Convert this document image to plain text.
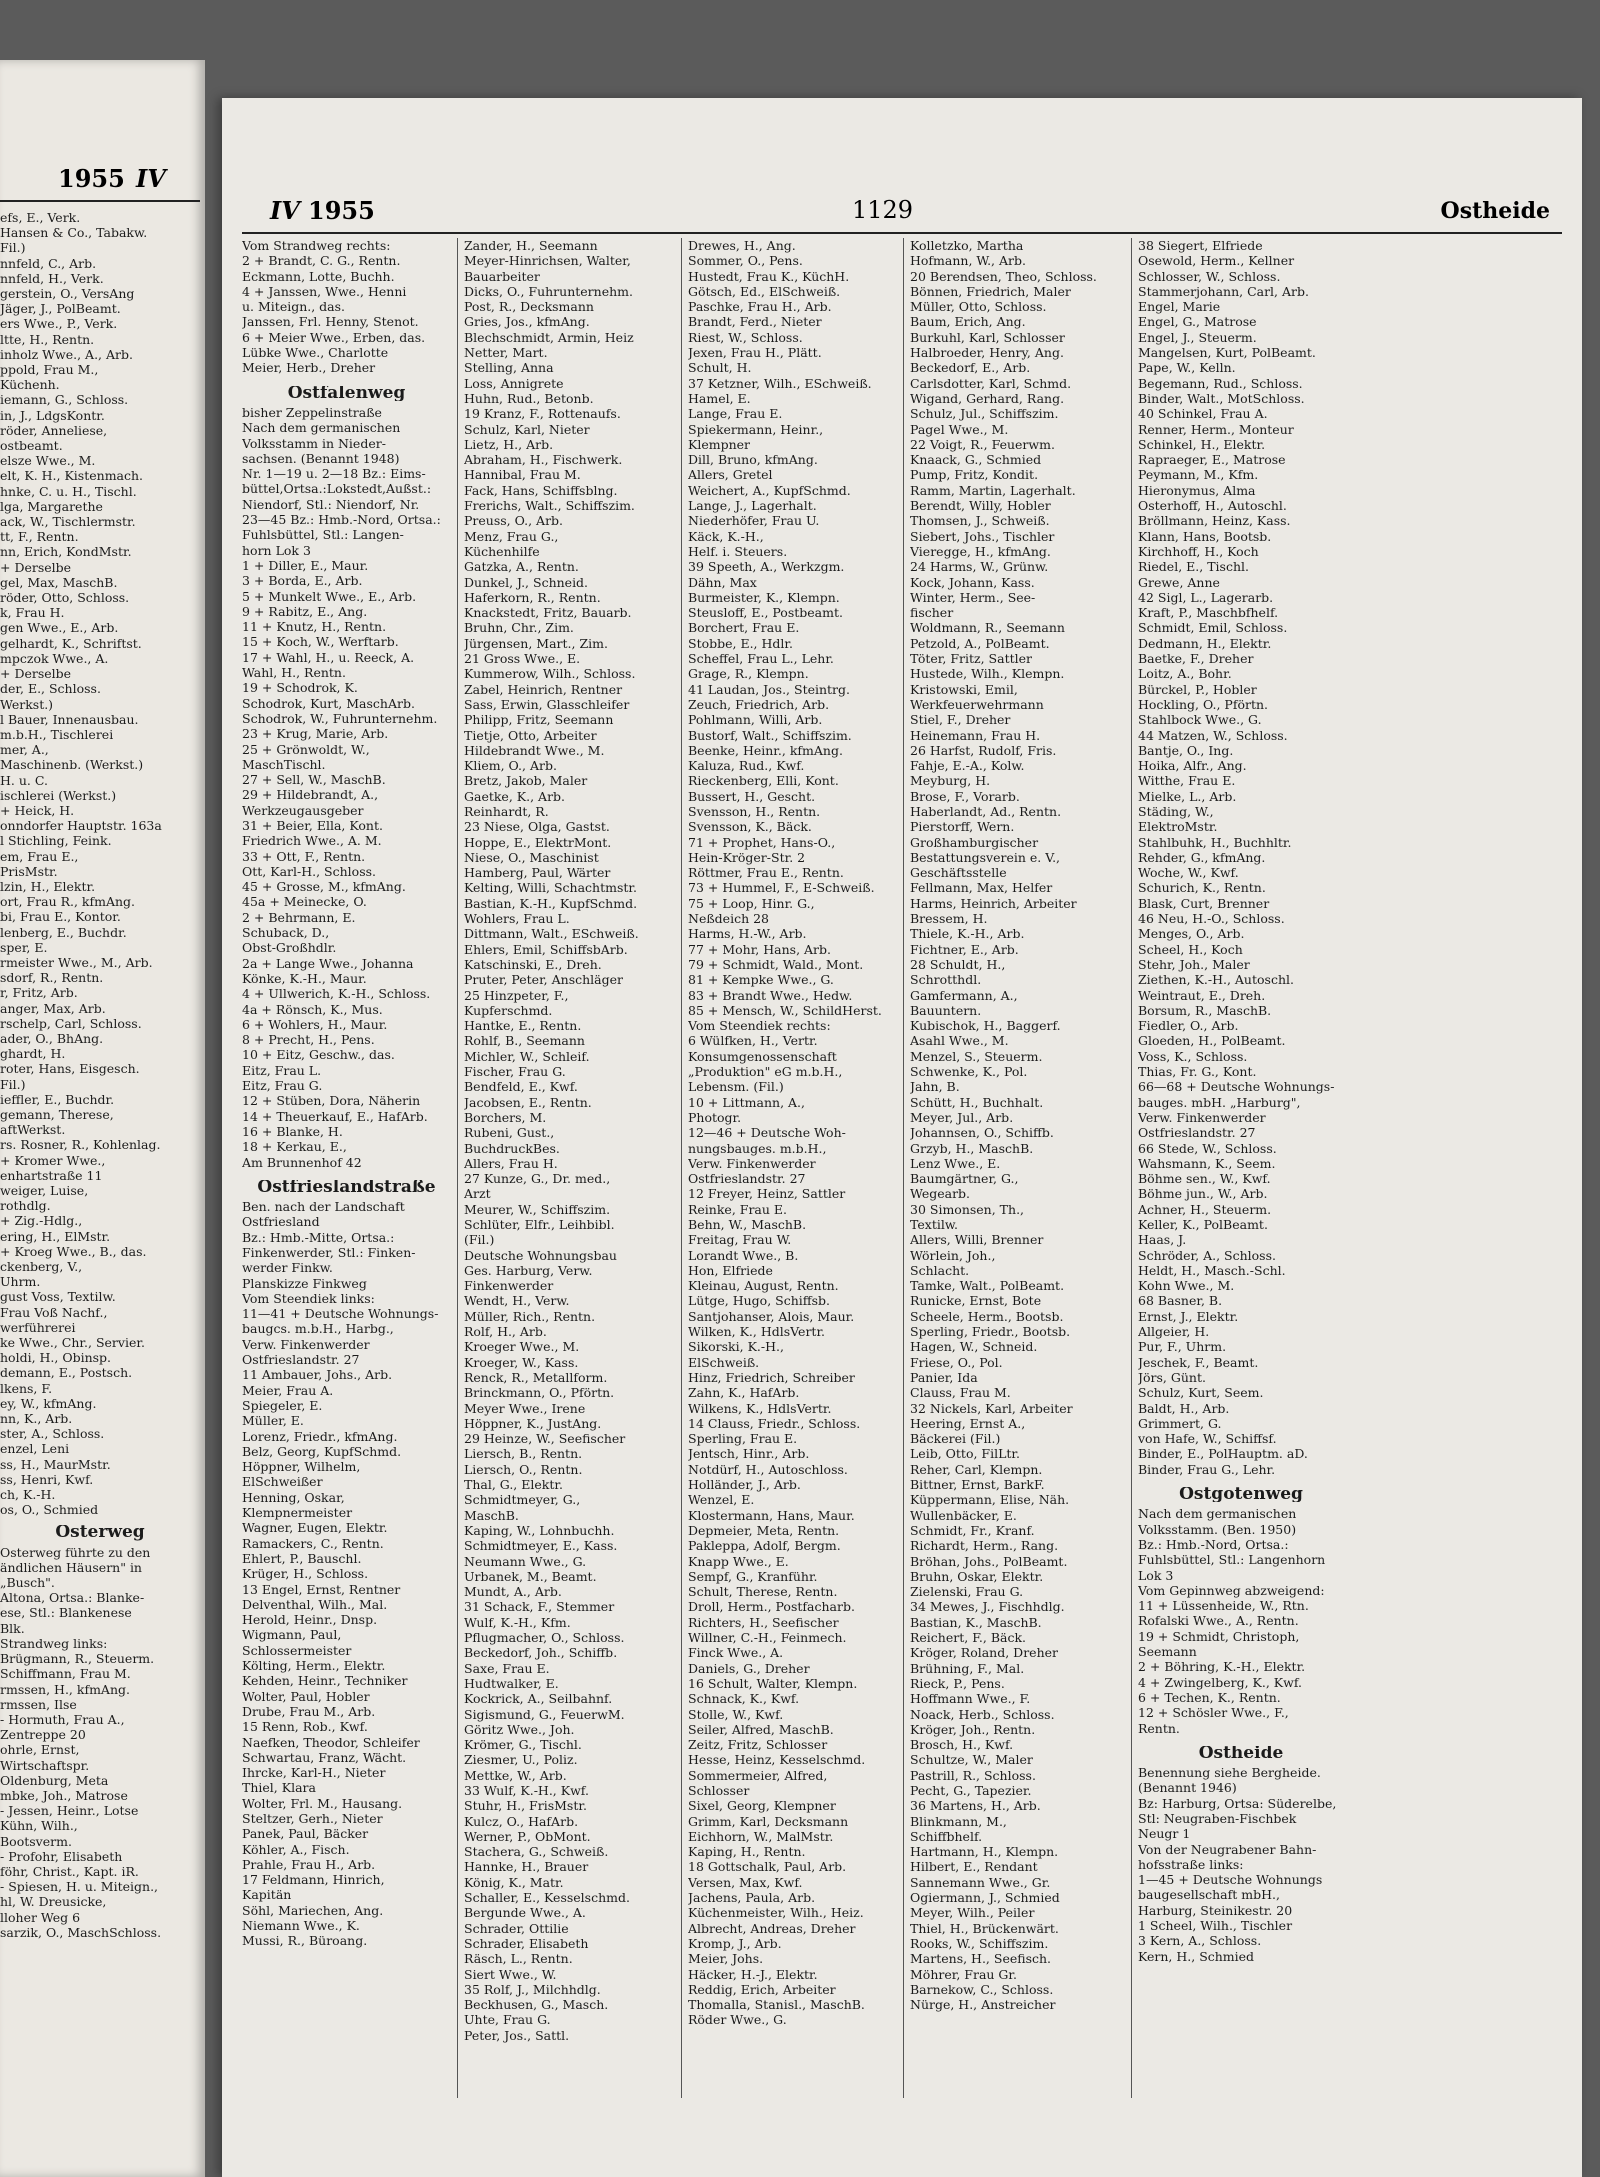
1955 IV
efs, E., Verk.
Hansen & Co., Tabakw.
Fil.)
nnfeld, C., Arb.
nnfeld, H., Verk.
gerstein, O., VersAng
Jäger, J., PolBeamt.
ers Wwe., P., Verk.
ltte, H., Rentn.
inholz Wwe., A., Arb.
ppold, Frau M.,
Küchenh.
iemann, G., Schloss.
in, J., LdgsKontr.
röder, Anneliese,
ostbeamt.
elsze Wwe., M.
elt, K. H., Kistenmach.
hnke, C. u. H., Tischl.
lga, Margarethe
ack, W., Tischlermstr.
tt, F., Rentn.
nn, Erich, KondMstr.
+ Derselbe
gel, Max, MaschB.
röder, Otto, Schloss.
k, Frau H.
gen Wwe., E., Arb.
gelhardt, K., Schriftst.
mpczok Wwe., A.
+ Derselbe
der, E., Schloss.
Werkst.)
l Bauer, Innenausbau.
m.b.H., Tischlerei
mer, A.,
Maschinenb. (Werkst.)
H. u. C.
ischlerei (Werkst.)
+ Heick, H.
onndorfer Hauptstr. 163a
l Stichling, Feink.
em, Frau E.,
PrisMstr.
lzin, H., Elektr.
ort, Frau R., kfmAng.
bi, Frau E., Kontor.
lenberg, E., Buchdr.
sper, E.
rmeister Wwe., M., Arb.
sdorf, R., Rentn.
r, Fritz, Arb.
anger, Max, Arb.
rschelp, Carl, Schloss.
ader, O., BhAng.
ghardt, H.
roter, Hans, Eisgesch.
Fil.)
ieffler, E., Buchdr.
gemann, Therese,
aftWerkst.
rs. Rosner, R., Kohlenlag.
+ Kromer Wwe.,
enhartstraße 11
weiger, Luise,
rothdlg.
+ Zig.-Hdlg.,
ering, H., ElMstr.
+ Kroeg Wwe., B., das.
ckenberg, V.,
Uhrm.
gust Voss, Textilw.
Frau Voß Nachf.,
werführerei
ke Wwe., Chr., Servier.
holdi, H., Obinsp.
demann, E., Postsch.
lkens, F.
ey, W., kfmAng.
nn, K., Arb.
ster, A., Schloss.
enzel, Leni
ss, H., MaurMstr.
ss, Henri, Kwf.
ch, K.-H.
os, O., Schmied
Osterweg
Osterweg führte zu den
ändlichen Häusern" in
„Busch".
Altona, Ortsa.: Blanke-
ese, Stl.: Blankenese
Blk.
Strandweg links:
Brügmann, R., Steuerm.
Schiffmann, Frau M.
rmssen, H., kfmAng.
rmssen, Ilse
- Hormuth, Frau A.,
Zentreppe 20
ohrle, Ernst,
Wirtschaftspr.
Oldenburg, Meta
mbke, Joh., Matrose
- Jessen, Heinr., Lotse
Kühn, Wilh.,
Bootsverm.
- Profohr, Elisabeth
föhr, Christ., Kapt. iR.
- Spiesen, H. u. Miteign.,
hl, W. Dreusicke,
lloher Weg 6
sarzik, O., MaschSchloss.
IV 1955	1129	Ostheide
Vom Strandweg rechts:
2 + Brandt, C. G., Rentn.
Eckmann, Lotte, Buchh.
4 + Janssen, Wwe., Henni
u. Miteign., das.
Janssen, Frl. Henny, Stenot.
6 + Meier Wwe., Erben, das.
Lübke Wwe., Charlotte
Meier, Herb., Dreher
Ostfalenweg
bisher Zeppelinstraße
Nach dem germanischen
Volksstamm in Nieder-
sachsen. (Benannt 1948)
Nr. 1—19 u. 2—18 Bz.: Eims-
büttel,Ortsa.:Lokstedt,Außst.:
Niendorf, Stl.: Niendorf, Nr.
23—45 Bz.: Hmb.-Nord, Ortsa.:
Fuhlsbüttel, Stl.: Langen-
horn Lok 3
1 + Diller, E., Maur.
3 + Borda, E., Arb.
5 + Munkelt Wwe., E., Arb.
9 + Rabitz, E., Ang.
11 + Knutz, H., Rentn.
15 + Koch, W., Werftarb.
17 + Wahl, H., u. Reeck, A.
Wahl, H., Rentn.
19 + Schodrok, K.
Schodrok, Kurt, MaschArb.
Schodrok, W., Fuhrunternehm.
23 + Krug, Marie, Arb.
25 + Grönwoldt, W.,
MaschTischl.
27 + Sell, W., MaschB.
29 + Hildebrandt, A.,
Werkzeugausgeber
31 + Beier, Ella, Kont.
Friedrich Wwe., A. M.
33 + Ott, F., Rentn.
Ott, Karl-H., Schloss.
45 + Grosse, M., kfmAng.
45a + Meinecke, O.
2 + Behrmann, E.
Schuback, D.,
Obst-Großhdlr.
2a + Lange Wwe., Johanna
Könke, K.-H., Maur.
4 + Ullwerich, K.-H., Schloss.
4a + Rönsch, K., Mus.
6 + Wohlers, H., Maur.
8 + Precht, H., Pens.
10 + Eitz, Geschw., das.
Eitz, Frau L.
Eitz, Frau G.
12 + Stüben, Dora, Näherin
14 + Theuerkauf, E., HafArb.
16 + Blanke, H.
18 + Kerkau, E.,
Am Brunnenhof 42
Ostfrieslandstraße
Ben. nach der Landschaft
Ostfriesland
Bz.: Hmb.-Mitte, Ortsa.:
Finkenwerder, Stl.: Finken-
werder Finkw.
Planskizze Finkweg
Vom Steendiek links:
11—41 + Deutsche Wohnungs-
baugcs. m.b.H., Harbg.,
Verw. Finkenwerder
Ostfrieslandstr. 27
11 Ambauer, Johs., Arb.
Meier, Frau A.
Spiegeler, E.
Müller, E.
Lorenz, Friedr., kfmAng.
Belz, Georg, KupfSchmd.
Höppner, Wilhelm,
ElSchweißer
Henning, Oskar,
Klempnermeister
Wagner, Eugen, Elektr.
Ramackers, C., Rentn.
Ehlert, P., Bauschl.
Krüger, H., Schloss.
13 Engel, Ernst, Rentner
Delventhal, Wilh., Mal.
Herold, Heinr., Dnsp.
Wigmann, Paul,
Schlossermeister
Költing, Herm., Elektr.
Kehden, Heinr., Techniker
Wolter, Paul, Hobler
Drube, Frau M., Arb.
15 Renn, Rob., Kwf.
Naefken, Theodor, Schleifer
Schwartau, Franz, Wächt.
Ihrcke, Karl-H., Nieter
Thiel, Klara
Wolter, Frl. M., Hausang.
Steltzer, Gerh., Nieter
Panek, Paul, Bäcker
Köhler, A., Fisch.
Prahle, Frau H., Arb.
17 Feldmann, Hinrich,
Kapitän
Söhl, Mariechen, Ang.
Niemann Wwe., K.
Mussi, R., Büroang.
Zander, H., Seemann
Meyer-Hinrichsen, Walter,
Bauarbeiter
Dicks, O., Fuhrunternehm.
Post, R., Decksmann
Gries, Jos., kfmAng.
Blechschmidt, Armin, Heiz
Netter, Mart.
Stelling, Anna
Loss, Annigrete
Huhn, Rud., Betonb.
19 Kranz, F., Rottenaufs.
Schulz, Karl, Nieter
Lietz, H., Arb.
Abraham, H., Fischwerk.
Hannibal, Frau M.
Fack, Hans, Schiffsblng.
Frerichs, Walt., Schiffszim.
Preuss, O., Arb.
Menz, Frau G.,
Küchenhilfe
Gatzka, A., Rentn.
Dunkel, J., Schneid.
Haferkorn, R., Rentn.
Knackstedt, Fritz, Bauarb.
Bruhn, Chr., Zim.
Jürgensen, Mart., Zim.
21 Gross Wwe., E.
Kummerow, Wilh., Schloss.
Zabel, Heinrich, Rentner
Sass, Erwin, Glasschleifer
Philipp, Fritz, Seemann
Tietje, Otto, Arbeiter
Hildebrandt Wwe., M.
Kliem, O., Arb.
Bretz, Jakob, Maler
Gaetke, K., Arb.
Reinhardt, R.
23 Niese, Olga, Gastst.
Hoppe, E., ElektrMont.
Niese, O., Maschinist
Hamberg, Paul, Wärter
Kelting, Willi, Schachtmstr.
Bastian, K.-H., KupfSchmd.
Wohlers, Frau L.
Dittmann, Walt., ESchweiß.
Ehlers, Emil, SchiffsbArb.
Katschinski, E., Dreh.
Pruter, Peter, Anschläger
25 Hinzpeter, F.,
Kupferschmd.
Hantke, E., Rentn.
Rohlf, B., Seemann
Michler, W., Schleif.
Fischer, Frau G.
Bendfeld, E., Kwf.
Jacobsen, E., Rentn.
Borchers, M.
Rubeni, Gust.,
BuchdruckBes.
Allers, Frau H.
27 Kunze, G., Dr. med.,
Arzt
Meurer, W., Schiffszim.
Schlüter, Elfr., Leihbibl.
(Fil.)
Deutsche Wohnungsbau
Ges. Harburg, Verw.
Finkenwerder
Wendt, H., Verw.
Müller, Rich., Rentn.
Rolf, H., Arb.
Kroeger Wwe., M.
Kroeger, W., Kass.
Renck, R., Metallform.
Brinckmann, O., Pförtn.
Meyer Wwe., Irene
Höppner, K., JustAng.
29 Heinze, W., Seefischer
Liersch, B., Rentn.
Liersch, O., Rentn.
Thal, G., Elektr.
Schmidtmeyer, G.,
MaschB.
Kaping, W., Lohnbuchh.
Schmidtmeyer, E., Kass.
Neumann Wwe., G.
Urbanek, M., Beamt.
Mundt, A., Arb.
31 Schack, F., Stemmer
Wulf, K.-H., Kfm.
Pflugmacher, O., Schloss.
Beckedorf, Joh., Schiffb.
Saxe, Frau E.
Hudtwalker, E.
Kockrick, A., Seilbahnf.
Sigismund, G., FeuerwM.
Göritz Wwe., Joh.
Krömer, G., Tischl.
Ziesmer, U., Poliz.
Mettke, W., Arb.
33 Wulf, K.-H., Kwf.
Stuhr, H., FrisMstr.
Kulcz, O., HafArb.
Werner, P., ObMont.
Stachera, G., Schweiß.
Hannke, H., Brauer
König, K., Matr.
Schaller, E., Kesselschmd.
Bergunde Wwe., A.
Schrader, Ottilie
Schrader, Elisabeth
Räsch, L., Rentn.
Siert Wwe., W.
35 Rolf, J., Milchhdlg.
Beckhusen, G., Masch.
Uhte, Frau G.
Peter, Jos., Sattl.
Drewes, H., Ang.
Sommer, O., Pens.
Hustedt, Frau K., KüchH.
Götsch, Ed., ElSchweiß.
Paschke, Frau H., Arb.
Brandt, Ferd., Nieter
Riest, W., Schloss.
Jexen, Frau H., Plätt.
Schult, H.
37 Ketzner, Wilh., ESchweiß.
Hamel, E.
Lange, Frau E.
Spiekermann, Heinr.,
Klempner
Dill, Bruno, kfmAng.
Allers, Gretel
Weichert, A., KupfSchmd.
Lange, J., Lagerhalt.
Niederhöfer, Frau U.
Käck, K.-H.,
Helf. i. Steuers.
39 Speeth, A., Werkzgm.
Dähn, Max
Burmeister, K., Klempn.
Steusloff, E., Postbeamt.
Borchert, Frau E.
Stobbe, E., Hdlr.
Scheffel, Frau L., Lehr.
Grage, R., Klempn.
41 Laudan, Jos., Steintrg.
Zeuch, Friedrich, Arb.
Pohlmann, Willi, Arb.
Bustorf, Walt., Schiffszim.
Beenke, Heinr., kfmAng.
Kaluza, Rud., Kwf.
Rieckenberg, Elli, Kont.
Bussert, H., Gescht.
Svensson, H., Rentn.
Svensson, K., Bäck.
71 + Prophet, Hans-O.,
Hein-Kröger-Str. 2
Röttmer, Frau E., Rentn.
73 + Hummel, F., E-Schweiß.
75 + Loop, Hinr. G.,
Neßdeich 28
Harms, H.-W., Arb.
77 + Mohr, Hans, Arb.
79 + Schmidt, Wald., Mont.
81 + Kempke Wwe., G.
83 + Brandt Wwe., Hedw.
85 + Mensch, W., SchildHerst.
Vom Steendiek rechts:
6 Wülfken, H., Vertr.
Konsumgenossenschaft
„Produktion" eG m.b.H.,
Lebensm. (Fil.)
10 + Littmann, A.,
Photogr.
12—46 + Deutsche Woh-
nungsbauges. m.b.H.,
Verw. Finkenwerder
Ostfrieslandstr. 27
12 Freyer, Heinz, Sattler
Reinke, Frau E.
Behn, W., MaschB.
Freitag, Frau W.
Lorandt Wwe., B.
Hon, Elfriede
Kleinau, August, Rentn.
Lütge, Hugo, Schiffsb.
Santjohanser, Alois, Maur.
Wilken, K., HdlsVertr.
Sikorski, K.-H.,
ElSchweiß.
Hinz, Friedrich, Schreiber
Zahn, K., HafArb.
Wilkens, K., HdlsVertr.
14 Clauss, Friedr., Schloss.
Sperling, Frau E.
Jentsch, Hinr., Arb.
Notdürf, H., Autoschloss.
Holländer, J., Arb.
Wenzel, E.
Klostermann, Hans, Maur.
Depmeier, Meta, Rentn.
Pakleppa, Adolf, Bergm.
Knapp Wwe., E.
Sempf, G., Kranführ.
Schult, Therese, Rentn.
Droll, Herm., Postfacharb.
Richters, H., Seefischer
Willner, C.-H., Feinmech.
Finck Wwe., A.
Daniels, G., Dreher
16 Schult, Walter, Klempn.
Schnack, K., Kwf.
Stolle, W., Kwf.
Seiler, Alfred, MaschB.
Zeitz, Fritz, Schlosser
Hesse, Heinz, Kesselschmd.
Sommermeier, Alfred,
Schlosser
Sixel, Georg, Klempner
Grimm, Karl, Decksmann
Eichhorn, W., MalMstr.
Kaping, H., Rentn.
18 Gottschalk, Paul, Arb.
Versen, Max, Kwf.
Jachens, Paula, Arb.
Küchenmeister, Wilh., Heiz.
Albrecht, Andreas, Dreher
Kromp, J., Arb.
Meier, Johs.
Häcker, H.-J., Elektr.
Reddig, Erich, Arbeiter
Thomalla, Stanisl., MaschB.
Röder Wwe., G.
Kolletzko, Martha
Hofmann, W., Arb.
20 Berendsen, Theo, Schloss.
Bönnen, Friedrich, Maler
Müller, Otto, Schloss.
Baum, Erich, Ang.
Burkuhl, Karl, Schlosser
Halbroeder, Henry, Ang.
Beckedorf, E., Arb.
Carlsdotter, Karl, Schmd.
Wigand, Gerhard, Rang.
Schulz, Jul., Schiffszim.
Pagel Wwe., M.
22 Voigt, R., Feuerwm.
Knaack, G., Schmied
Pump, Fritz, Kondit.
Ramm, Martin, Lagerhalt.
Berendt, Willy, Hobler
Thomsen, J., Schweiß.
Siebert, Johs., Tischler
Vieregge, H., kfmAng.
24 Harms, W., Grünw.
Kock, Johann, Kass.
Winter, Herm., See-
fischer
Woldmann, R., Seemann
Petzold, A., PolBeamt.
Töter, Fritz, Sattler
Hustede, Wilh., Klempn.
Kristowski, Emil,
Werkfeuerwehrmann
Stiel, F., Dreher
Heinemann, Frau H.
26 Harfst, Rudolf, Fris.
Fahje, E.-A., Kolw.
Meyburg, H.
Brose, F., Vorarb.
Haberlandt, Ad., Rentn.
Pierstorff, Wern.
Großhamburgischer
Bestattungsverein e. V.,
Geschäftsstelle
Fellmann, Max, Helfer
Harms, Heinrich, Arbeiter
Bressem, H.
Thiele, K.-H., Arb.
Fichtner, E., Arb.
28 Schuldt, H.,
Schrotthdl.
Gamfermann, A.,
Bauuntern.
Kubischok, H., Baggerf.
Asahl Wwe., M.
Menzel, S., Steuerm.
Schwenke, K., Pol.
Jahn, B.
Schütt, H., Buchhalt.
Meyer, Jul., Arb.
Johannsen, O., Schiffb.
Grzyb, H., MaschB.
Lenz Wwe., E.
Baumgärtner, G.,
Wegearb.
30 Simonsen, Th.,
Textilw.
Allers, Willi, Brenner
Wörlein, Joh.,
Schlacht.
Tamke, Walt., PolBeamt.
Runicke, Ernst, Bote
Scheele, Herm., Bootsb.
Sperling, Friedr., Bootsb.
Hagen, W., Schneid.
Friese, O., Pol.
Panier, Ida
Clauss, Frau M.
32 Nickels, Karl, Arbeiter
Heering, Ernst A.,
Bäckerei (Fil.)
Leib, Otto, FilLtr.
Reher, Carl, Klempn.
Bittner, Ernst, BarkF.
Küppermann, Elise, Näh.
Wullenbäcker, E.
Schmidt, Fr., Kranf.
Richardt, Herm., Rang.
Bröhan, Johs., PolBeamt.
Bruhn, Oskar, Elektr.
Zielenski, Frau G.
34 Mewes, J., Fischhdlg.
Bastian, K., MaschB.
Reichert, F., Bäck.
Kröger, Roland, Dreher
Brühning, F., Mal.
Rieck, P., Pens.
Hoffmann Wwe., F.
Noack, Herb., Schloss.
Kröger, Joh., Rentn.
Brosch, H., Kwf.
Schultze, W., Maler
Pastrill, R., Schloss.
Pecht, G., Tapezier.
36 Martens, H., Arb.
Blinkmann, M.,
Schiffbhelf.
Hartmann, H., Klempn.
Hilbert, E., Rendant
Sannemann Wwe., Gr.
Ogiermann, J., Schmied
Meyer, Wilh., Peiler
Thiel, H., Brückenwärt.
Rooks, W., Schiffszim.
Martens, H., Seefisch.
Möhrer, Frau Gr.
Barnekow, C., Schloss.
Nürge, H., Anstreicher
38 Siegert, Elfriede
Osewold, Herm., Kellner
Schlosser, W., Schloss.
Stammerjohann, Carl, Arb.
Engel, Marie
Engel, G., Matrose
Engel, J., Steuerm.
Mangelsen, Kurt, PolBeamt.
Pape, W., Kelln.
Begemann, Rud., Schloss.
Binder, Walt., MotSchloss.
40 Schinkel, Frau A.
Renner, Herm., Monteur
Schinkel, H., Elektr.
Rapraeger, E., Matrose
Peymann, M., Kfm.
Hieronymus, Alma
Osterhoff, H., Autoschl.
Bröllmann, Heinz, Kass.
Klann, Hans, Bootsb.
Kirchhoff, H., Koch
Riedel, E., Tischl.
Grewe, Anne
42 Sigl, L., Lagerarb.
Kraft, P., Maschbfhelf.
Schmidt, Emil, Schloss.
Dedmann, H., Elektr.
Baetke, F., Dreher
Loitz, A., Bohr.
Bürckel, P., Hobler
Hockling, O., Pförtn.
Stahlbock Wwe., G.
44 Matzen, W., Schloss.
Bantje, O., Ing.
Hoika, Alfr., Ang.
Witthe, Frau E.
Mielke, L., Arb.
Städing, W.,
ElektroMstr.
Stahlbuhk, H., Buchhltr.
Rehder, G., kfmAng.
Woche, W., Kwf.
Schurich, K., Rentn.
Blask, Curt, Brenner
46 Neu, H.-O., Schloss.
Menges, O., Arb.
Scheel, H., Koch
Stehr, Joh., Maler
Ziethen, K.-H., Autoschl.
Weintraut, E., Dreh.
Borsum, R., MaschB.
Fiedler, O., Arb.
Gloeden, H., PolBeamt.
Voss, K., Schloss.
Thias, Fr. G., Kont.
66—68 + Deutsche Wohnungs-
bauges. mbH. „Harburg",
Verw. Finkenwerder
Ostfrieslandstr. 27
66 Stede, W., Schloss.
Wahsmann, K., Seem.
Böhme sen., W., Kwf.
Böhme jun., W., Arb.
Achner, H., Steuerm.
Keller, K., PolBeamt.
Haas, J.
Schröder, A., Schloss.
Heldt, H., Masch.-Schl.
Kohn Wwe., M.
68 Basner, B.
Ernst, J., Elektr.
Allgeier, H.
Pur, F., Uhrm.
Jeschek, F., Beamt.
Jörs, Günt.
Schulz, Kurt, Seem.
Baldt, H., Arb.
Grimmert, G.
von Hafe, W., Schiffsf.
Binder, E., PolHauptm. aD.
Binder, Frau G., Lehr.
Ostgotenweg
Nach dem germanischen
Volksstamm. (Ben. 1950)
Bz.: Hmb.-Nord, Ortsa.:
Fuhlsbüttel, Stl.: Langenhorn
Lok 3
Vom Gepinnweg abzweigend:
11 + Lüssenheide, W., Rtn.
Rofalski Wwe., A., Rentn.
19 + Schmidt, Christoph,
Seemann
2 + Böhring, K.-H., Elektr.
4 + Zwingelberg, K., Kwf.
6 + Techen, K., Rentn.
12 + Schösler Wwe., F.,
Rentn.
Ostheide
Benennung siehe Bergheide.
(Benannt 1946)
Bz: Harburg, Ortsa: Süderelbe,
Stl: Neugraben-Fischbek
Neugr 1
Von der Neugrabener Bahn-
hofsstraße links:
1—45 + Deutsche Wohnungs
baugesellschaft mbH.,
Harburg, Steinikestr. 20
1 Scheel, Wilh., Tischler
3 Kern, A., Schloss.
Kern, H., Schmied
